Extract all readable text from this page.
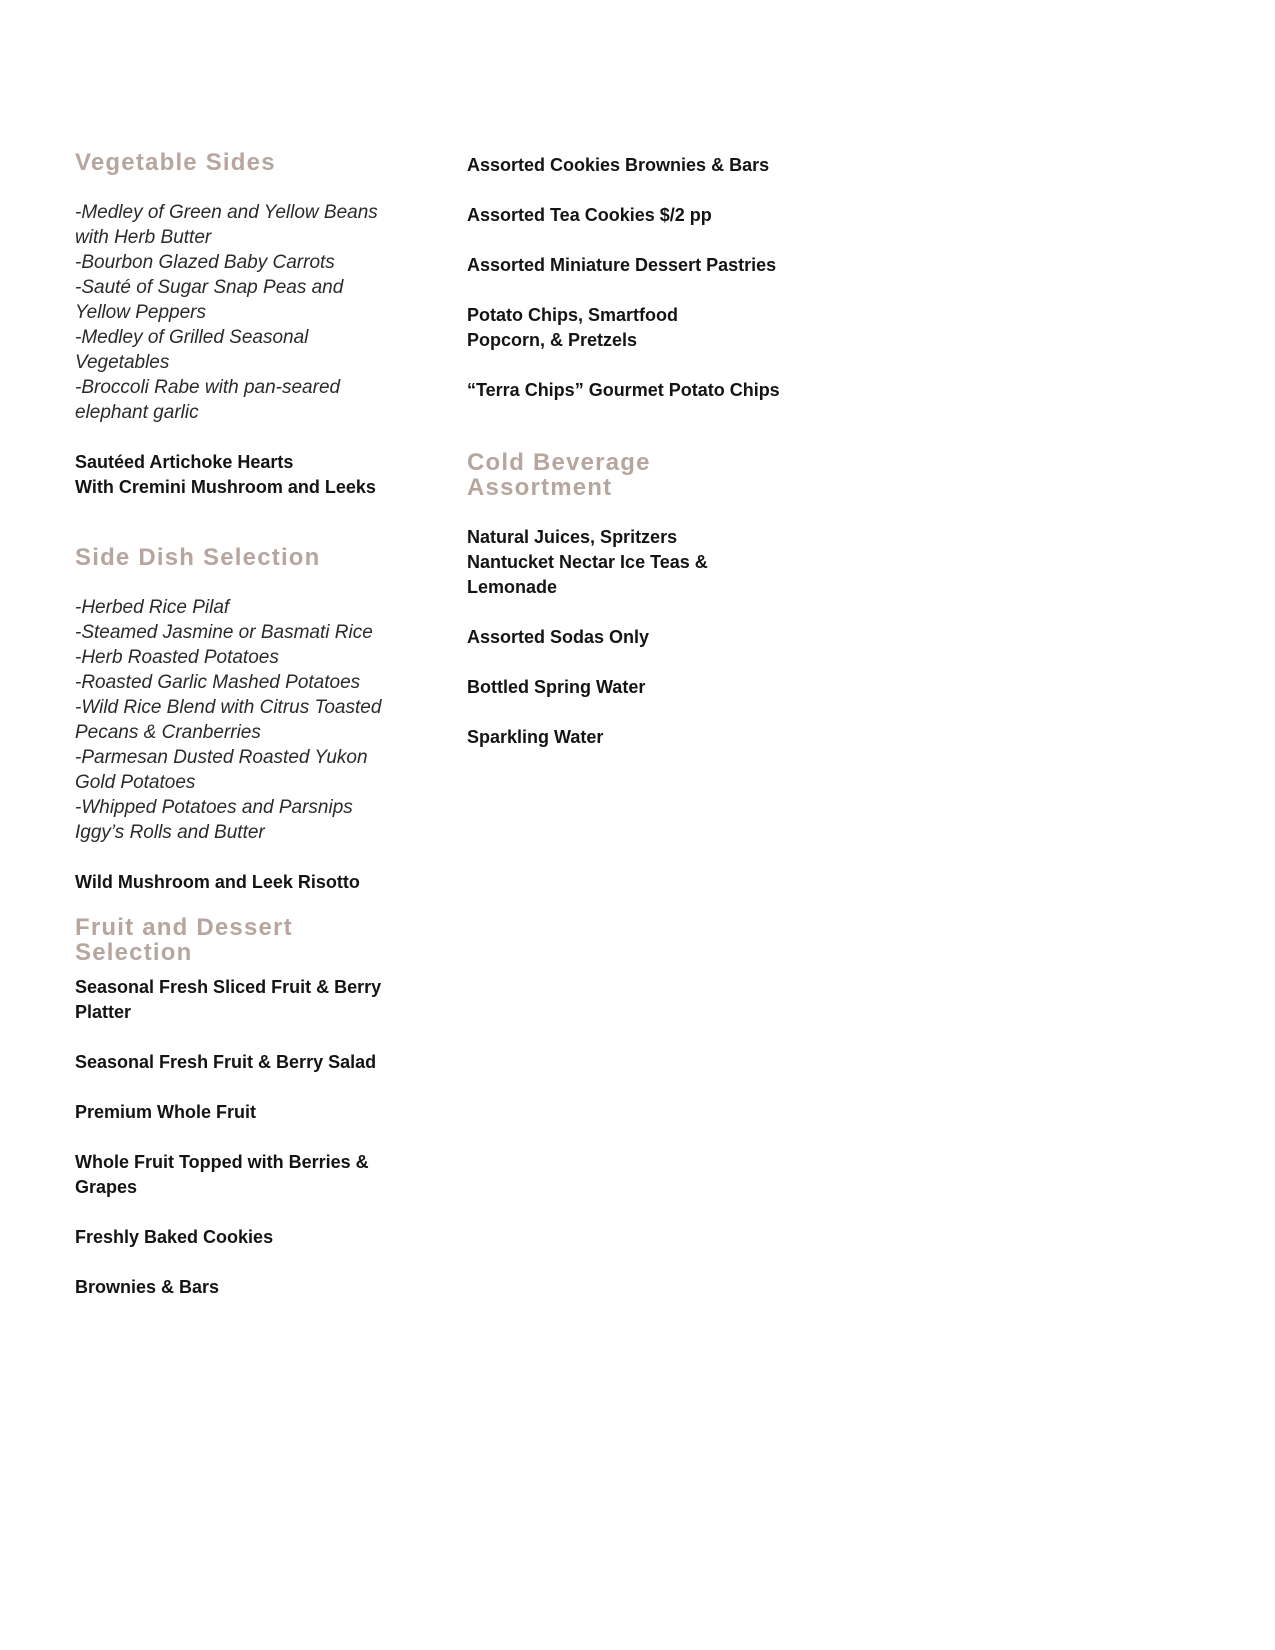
Vegetable Sides
-Medley of Green and Yellow Beans
with Herb Butter
-Bourbon Glazed Baby Carrots
-Sauté of Sugar Snap Peas and
Yellow Peppers
-Medley of Grilled Seasonal
Vegetables
-Broccoli Rabe with pan-seared
elephant garlic

Sautéed Artichoke Hearts
With Cremini Mushroom and Leeks

Side Dish Selection
-Herbed Rice Pilaf
-Steamed Jasmine or Basmati Rice
-Herb Roasted Potatoes
-Roasted Garlic Mashed Potatoes
-Wild Rice Blend with Citrus Toasted
Pecans & Cranberries
-Parmesan Dusted Roasted Yukon
Gold Potatoes
-Whipped Potatoes and Parsnips
Iggy’s Rolls and Butter

Wild Mushroom and Leek Risotto

Fruit and Dessert
Selection

Seasonal Fresh Sliced Fruit & Berry
Platter

Seasonal Fresh Fruit & Berry Salad

Premium Whole Fruit

Whole Fruit Topped with Berries &
Grapes

Freshly Baked Cookies

Brownies & Bars

Assorted Cookies Brownies & Bars

Assorted Tea Cookies $/2 pp

Assorted Miniature Dessert Pastries

Potato Chips, Smartfood
Popcorn, & Pretzels

“Terra Chips” Gourmet Potato Chips

Cold Beverage
Assortment

Natural Juices, Spritzers
Nantucket Nectar Ice Teas &
Lemonade

Assorted Sodas Only

Bottled Spring Water

Sparkling Water
